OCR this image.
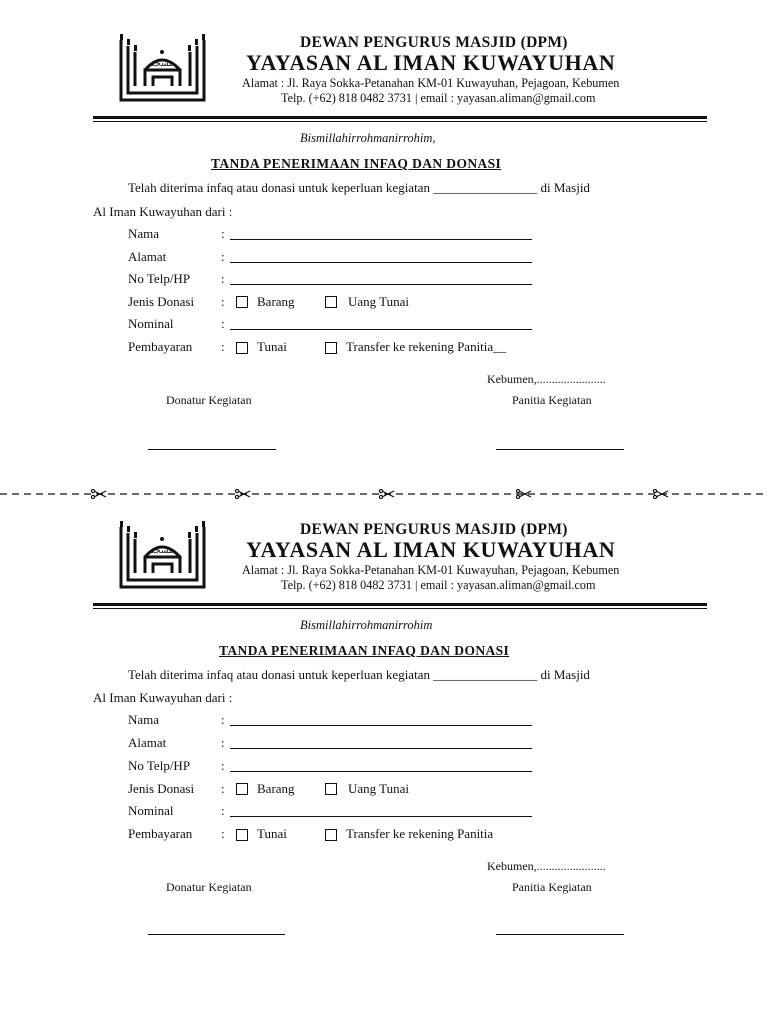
مسجد
DEWAN PENGURUS MASJID (DPM)
YAYASAN AL IMAN KUWAYUHAN
Alamat : Jl. Raya Sokka-Petanahan KM-01 Kuwayuhan, Pejagoan, Kebumen
Telp. (+62) 818 0482 3731 | email : yayasan.aliman@gmail.com
Bismillahirrohmanirrohim,
TANDA PENERIMAAN INFAQ DAN DONASI
Telah diterima infaq atau donasi untuk keperluan kegiatan ________________ di Masjid
Al Iman Kuwayuhan dari :
Nama	:
Alamat	:
No Telp/HP :
Jenis Donasi : Barang	Uang Tunai
Nominal	:
Pembayaran : Tunai	Transfer ke rekening Panitia__
Kebumen,.......................
Donatur Kegiatan	Panitia Kegiatan
مسجد
DEWAN PENGURUS MASJID (DPM)
YAYASAN AL IMAN KUWAYUHAN
Alamat : Jl. Raya Sokka-Petanahan KM-01 Kuwayuhan, Pejagoan, Kebumen
Telp. (+62) 818 0482 3731 | email : yayasan.aliman@gmail.com
Bismillahirrohmanirrohim
TANDA PENERIMAAN INFAQ DAN DONASI
Telah diterima infaq atau donasi untuk keperluan kegiatan ________________ di Masjid
Al Iman Kuwayuhan dari :
Nama	:
Alamat	:
No Telp/HP :
Jenis Donasi : Barang	Uang Tunai
Nominal	:
Pembayaran : Tunai	Transfer ke rekening Panitia
Kebumen,.......................
Donatur Kegiatan	Panitia Kegiatan
